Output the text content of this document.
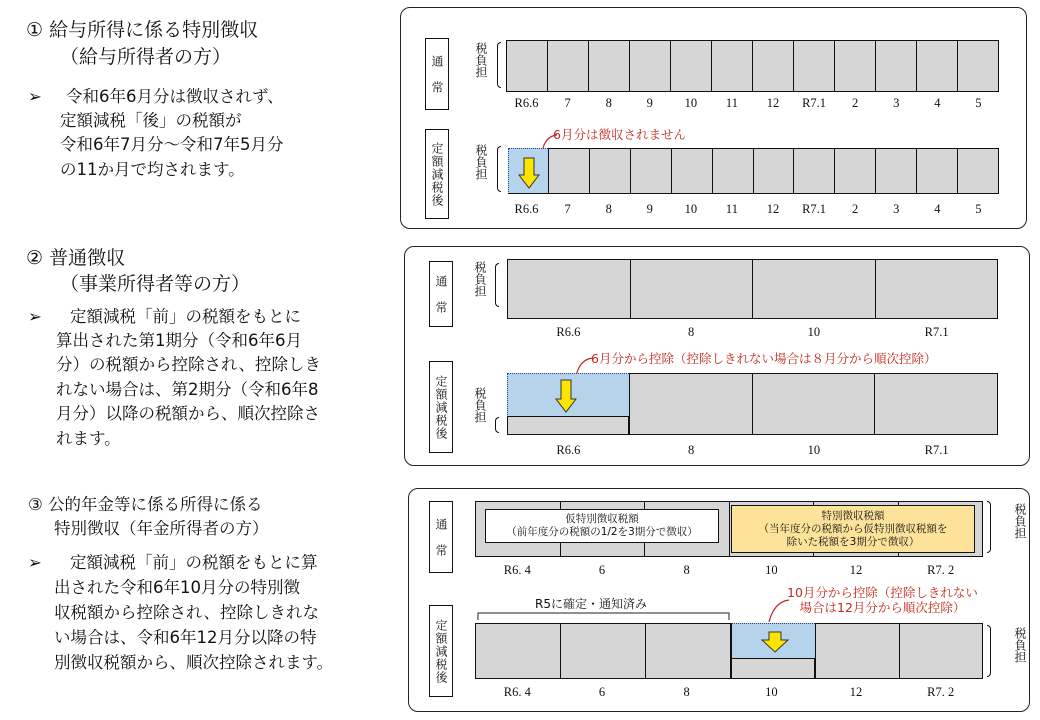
① 給与所得に係る特別徴収
（給与所得者の方）
➢ 令和6年6月分は徴収されず、
定額減税「後」の税額が
令和6年7月分～令和7年5月分
の11か月で均されます。
② 普通徴収
（事業所得者等の方）
➢ 定額減税「前」の税額をもとに
算出された第1期分（令和6年6月
分）の税額から控除され、控除しき
れない場合は、第2期分（令和6年8
月分）以降の税額から、順次控除さ
れます。
③ 公的年金等に係る所得に係る
特別徴収（年金所得者の方）
➢ 定額減税「前」の税額をもとに算
出された令和6年10月分の特別徴
収税額から控除され、控除しきれな
い場合は、令和6年12月分以降の特
別徴収税額から、順次控除されます。
通　常	税負担
R6.6	7	8	9	10	11	12	R7.1	2	3	4	5
定額減税後
6月分は徴収されません
税負担
R6.6	7	8	9	10	11	12	R7.1	2	3	4	5
通　常	税負担
R6.6	8	10	R7.1
定額減税後
6月分から控除（控除しきれない場合は８月分から順次控除）
税負担
R6.6	8	10	R7.1
通　常	仮特別徴収税額
（前年度分の税額の1/2を3期分で徴収）
特別徴収税額
（当年度分の税額から仮特別徴収税額を
除いた税額を3期分で徴収）
税負担
R6. 4	6	8	10	12	R7. 2
定額減税後
R5に確定・通知済み
10月分から控除（控除しきれない
場合は12月分から順次控除）
税負担
R6. 4	6	8	10	12	R7. 2
